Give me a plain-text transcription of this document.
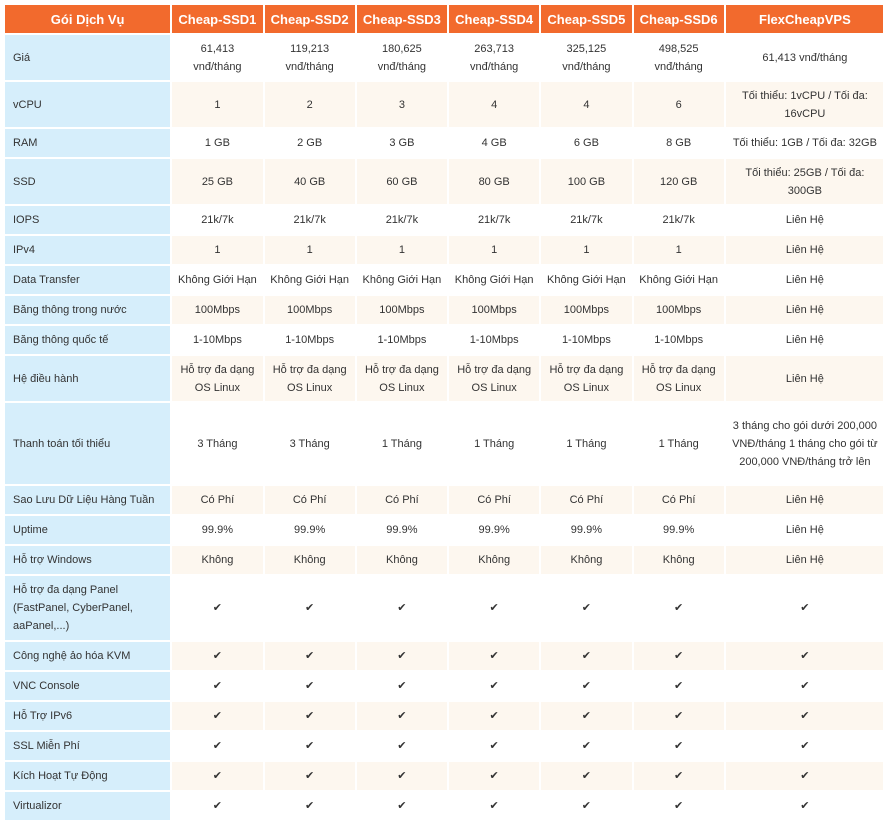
Gói Dịch Vụ	Cheap-SSD1	Cheap-SSD2	Cheap-SSD3	Cheap-SSD4	Cheap-SSD5	Cheap-SSD6	FlexCheapVPS
Giá	61,413 vnđ/tháng	119,213 vnđ/tháng	180,625 vnđ/tháng	263,713 vnđ/tháng	325,125 vnđ/tháng	498,525 vnđ/tháng	61,413 vnđ/tháng
vCPU	1	2	3	4	4	6	Tối thiểu: 1vCPU / Tối đa: 16vCPU
RAM	1 GB	2 GB	3 GB	4 GB	6 GB	8 GB	Tối thiểu: 1GB / Tối đa: 32GB
SSD	25 GB	40 GB	60 GB	80 GB	100 GB	120 GB	Tối thiểu: 25GB / Tối đa: 300GB
IOPS	21k/7k	21k/7k	21k/7k	21k/7k	21k/7k	21k/7k	Liên Hệ
IPv4	1	1	1	1	1	1	Liên Hệ
Data Transfer	Không Giới Hạn	Không Giới Hạn	Không Giới Hạn	Không Giới Hạn	Không Giới Hạn	Không Giới Hạn	Liên Hệ
Băng thông trong nước	100Mbps	100Mbps	100Mbps	100Mbps	100Mbps	100Mbps	Liên Hệ
Băng thông quốc tế	1-10Mbps	1-10Mbps	1-10Mbps	1-10Mbps	1-10Mbps	1-10Mbps	Liên Hệ
Hệ điều hành	Hỗ trợ đa dạng OS Linux	Hỗ trợ đa dạng OS Linux	Hỗ trợ đa dạng OS Linux	Hỗ trợ đa dạng OS Linux	Hỗ trợ đa dạng OS Linux	Hỗ trợ đa dạng OS Linux	Liên Hệ
Thanh toán tối thiểu	3 Tháng	3 Tháng	1 Tháng	1 Tháng	1 Tháng	1 Tháng	3 tháng cho gói dưới 200,000 VNĐ/tháng 1 tháng cho gói từ 200,000 VNĐ/tháng trở lên
Sao Lưu Dữ Liệu Hàng Tuần	Có Phí	Có Phí	Có Phí	Có Phí	Có Phí	Có Phí	Liên Hệ
Uptime	99.9%	99.9%	99.9%	99.9%	99.9%	99.9%	Liên Hệ
Hỗ trợ Windows	Không	Không	Không	Không	Không	Không	Liên Hệ
Hỗ trợ đa dạng Panel (FastPanel, CyberPanel, aaPanel,...)	✔	✔	✔	✔	✔	✔	✔
Công nghệ ảo hóa KVM	✔	✔	✔	✔	✔	✔	✔
VNC Console	✔	✔	✔	✔	✔	✔	✔
Hỗ Trợ IPv6	✔	✔	✔	✔	✔	✔	✔
SSL Miễn Phí	✔	✔	✔	✔	✔	✔	✔
Kích Hoạt Tự Động	✔	✔	✔	✔	✔	✔	✔
Virtualizor	✔	✔	✔	✔	✔	✔	✔
